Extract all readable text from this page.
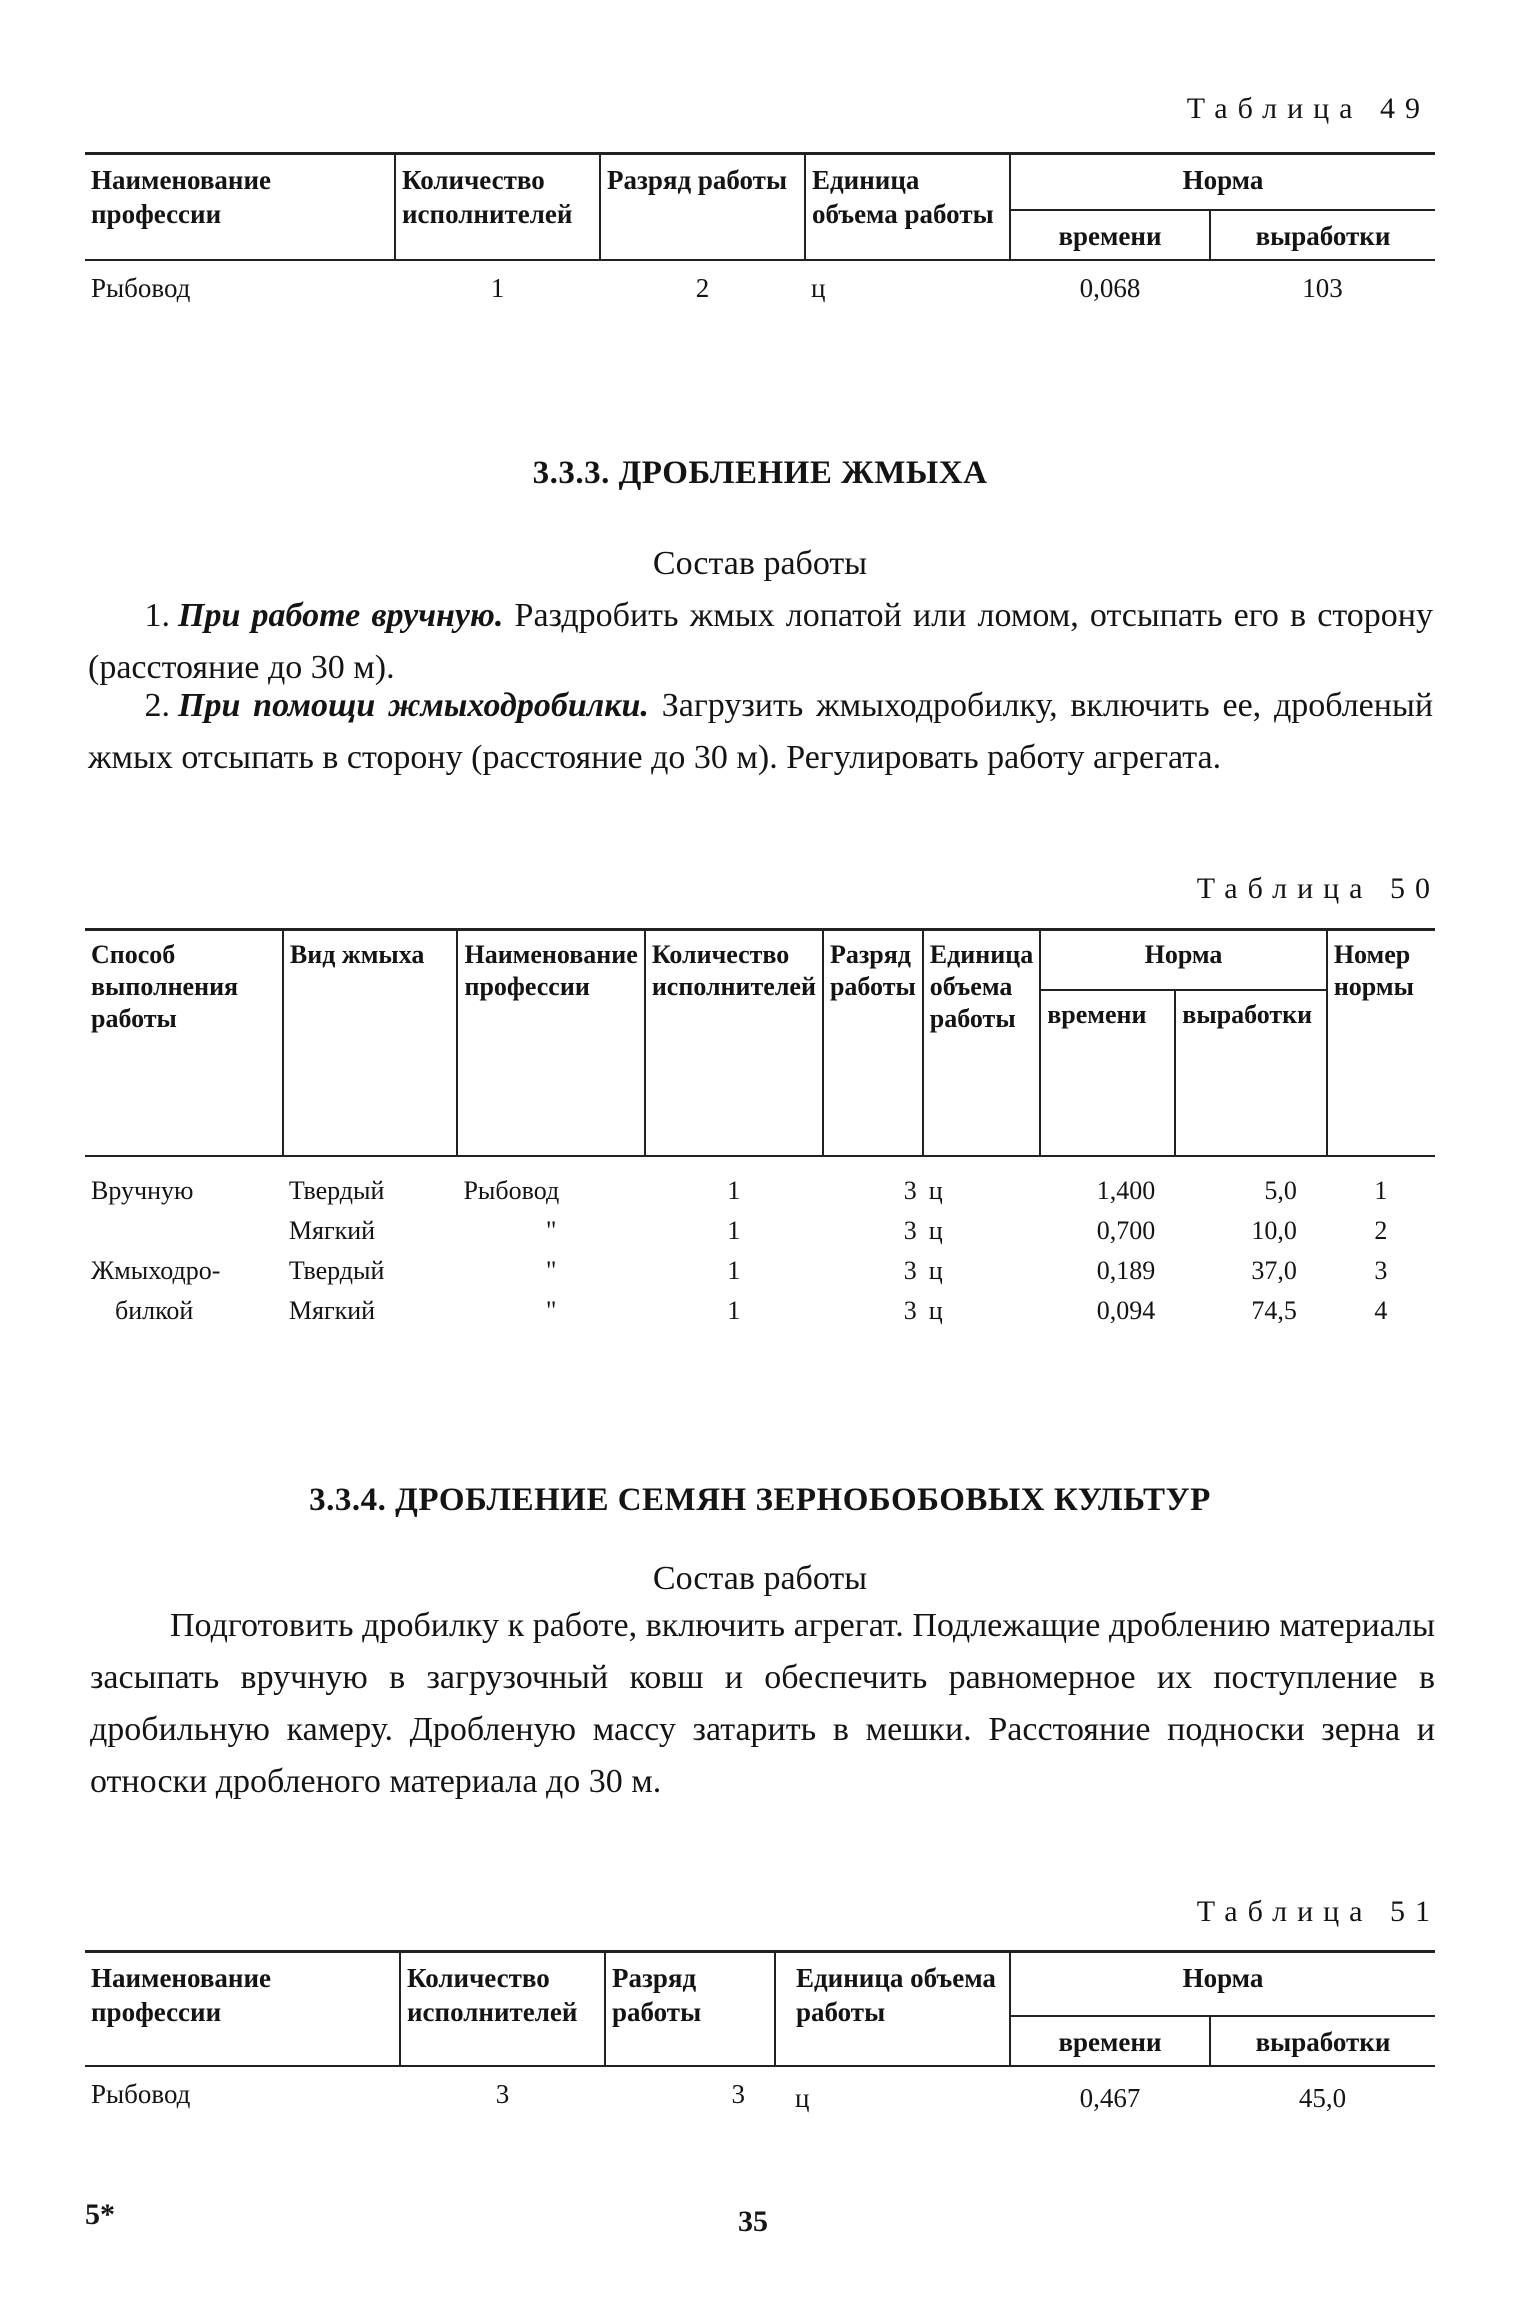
Таблица 49
Наименование профессии	Количество исполнителей	Разряд работы	Единица объема работы	Норма	
				времени	выработки
Рыбовод	1	2	ц	0,068	103
3.3.3. ДРОБЛЕНИЕ ЖМЫХА
Состав работы
1. При работе вручную. Раздробить жмых лопатой или ломом, отсыпать его в сторону (расстояние до 30 м).
2. При помощи жмыходробилки. Загрузить жмыходробилку, включить ее, дробленый жмых отсыпать в сторону (расстояние до 30 м). Регулировать работу агрегата.
Таблица 50
Способ выполнения работы	Вид жмыха	Наименование профессии	Количество исполнителей	Разряд работы	Единица объема работы	Норма		Номер нормы
						времени	выработки	
Вручную	Твердый	Рыбовод	1	3	ц	1,400	5,0	1
	Мягкий	"	1	3	ц	0,700	10,0	2
Жмыходро-	Твердый	"	1	3	ц	0,189	37,0	3
билкой	Мягкий	"	1	3	ц	0,094	74,5	4
3.3.4. ДРОБЛЕНИЕ СЕМЯН ЗЕРНОБОБОВЫХ КУЛЬТУР
Состав работы
Подготовить дробилку к работе, включить агрегат. Подлежащие дроблению материалы засыпать вручную в загрузочный ковш и обеспечить равномерное их поступление в дробильную камеру. Дробленую массу затарить в мешки. Расстояние подноски зерна и относки дробленого материала до 30 м.
Таблица 51
Наименование профессии	Количество исполнителей	Разряд работы	Единица объема работы	Норма	
				времени	выработки
Рыбовод	3	3	ц	0,467	45,0
5*	35
